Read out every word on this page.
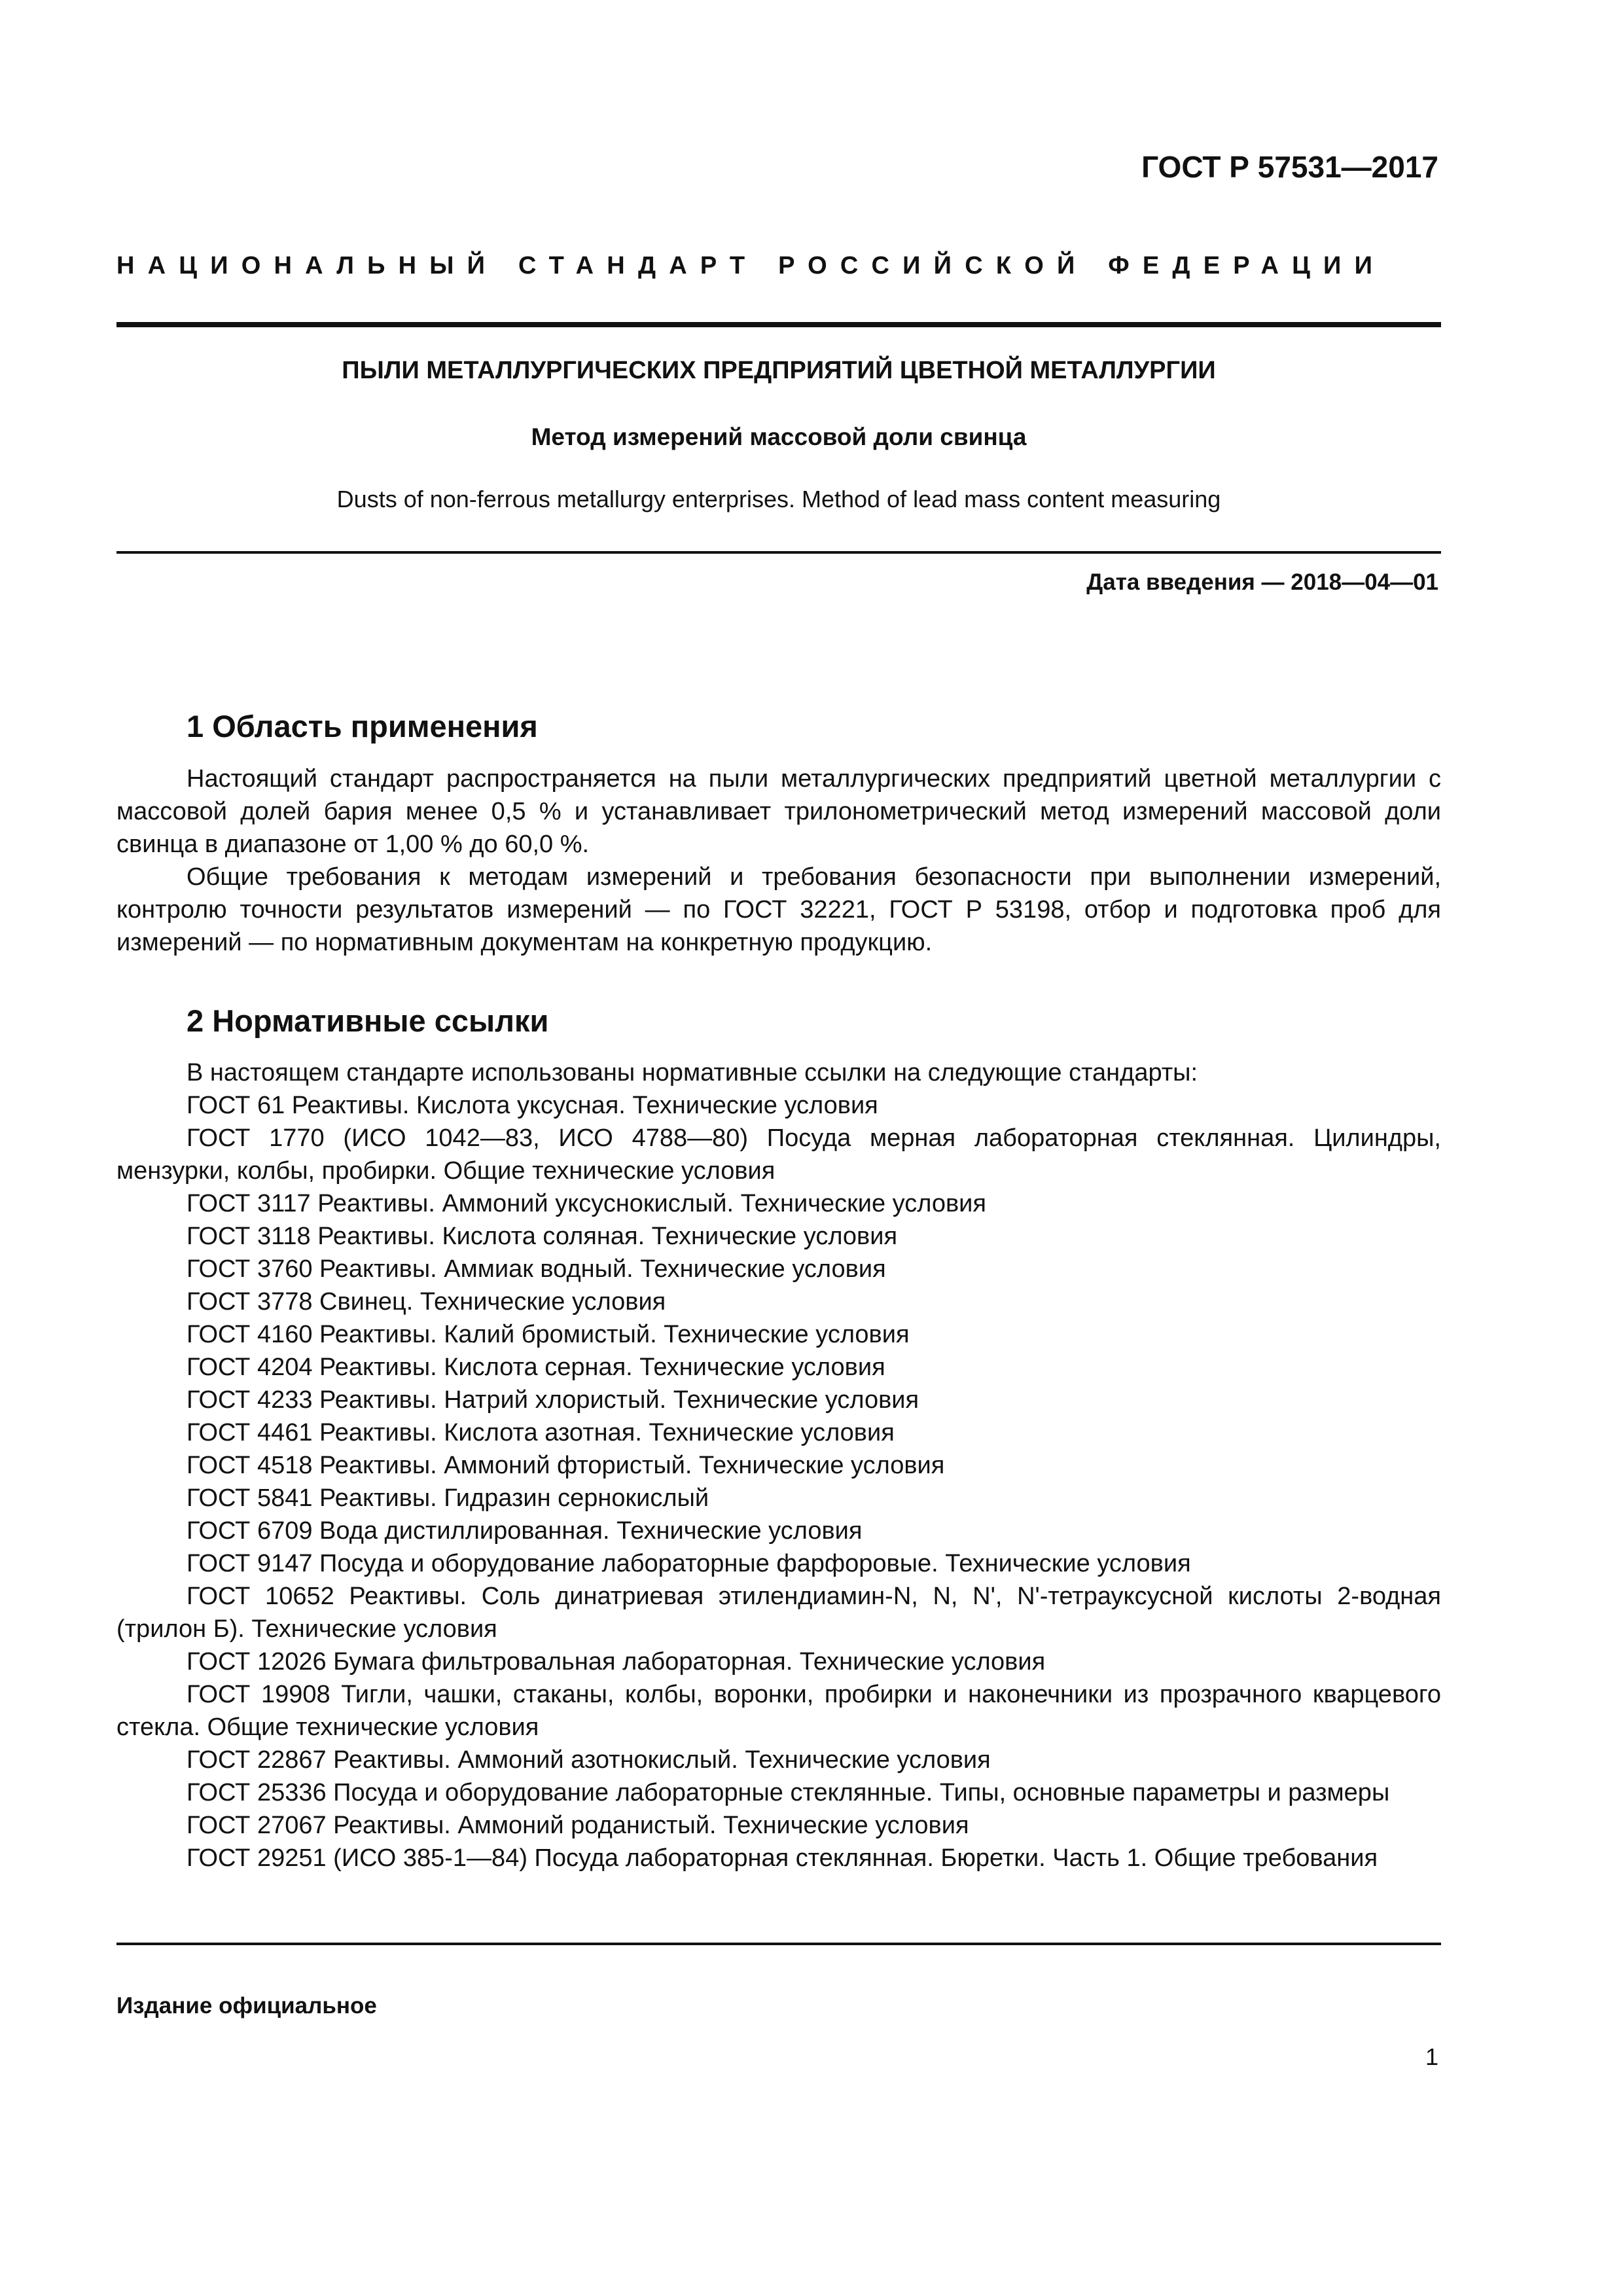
ГОСТ Р 57531—2017

НАЦИОНАЛЬНЫЙ СТАНДАРТ РОССИЙСКОЙ ФЕДЕРАЦИИ

ПЫЛИ МЕТАЛЛУРГИЧЕСКИХ ПРЕДПРИЯТИЙ ЦВЕТНОЙ МЕТАЛЛУРГИИ
Метод измерений массовой доли свинца

Dusts of non-ferrous metallurgy enterprises. Method of lead mass content measuring

Дата введения — 2018—04—01

1 Область применения

Настоящий стандарт распространяется на пыли металлургических предприятий цветной металлургии с массовой долей бария менее 0,5 % и устанавливает трилонометрический метод измерений массовой доли свинца в диапазоне от 1,00 % до 60,0 %.

Общие требования к методам измерений и требования безопасности при выполнении измерений, контролю точности результатов измерений — по ГОСТ 32221, ГОСТ Р 53198, отбор и подготовка проб для измерений — по нормативным документам на конкретную продукцию.

2 Нормативные ссылки

В настоящем стандарте использованы нормативные ссылки на следующие стандарты:

ГОСТ 61 Реактивы. Кислота уксусная. Технические условия
ГОСТ 1770 (ИСО 1042—83, ИСО 4788—80) Посуда мерная лабораторная стеклянная. Цилиндры, мензурки, колбы, пробирки. Общие технические условия
ГОСТ 3117 Реактивы. Аммоний уксуснокислый. Технические условия
ГОСТ 3118 Реактивы. Кислота соляная. Технические условия
ГОСТ 3760 Реактивы. Аммиак водный. Технические условия
ГОСТ 3778 Свинец. Технические условия
ГОСТ 4160 Реактивы. Калий бромистый. Технические условия
ГОСТ 4204 Реактивы. Кислота серная. Технические условия
ГОСТ 4233 Реактивы. Натрий хлористый. Технические условия
ГОСТ 4461 Реактивы. Кислота азотная. Технические условия
ГОСТ 4518 Реактивы. Аммоний фтористый. Технические условия
ГОСТ 5841 Реактивы. Гидразин сернокислый
ГОСТ 6709 Вода дистиллированная. Технические условия
ГОСТ 9147 Посуда и оборудование лабораторные фарфоровые. Технические условия
ГОСТ 10652 Реактивы. Соль динатриевая этилендиамин-N, N, N', N'-тетрауксусной кислоты 2-водная (трилон Б). Технические условия
ГОСТ 12026 Бумага фильтровальная лабораторная. Технические условия
ГОСТ 19908 Тигли, чашки, стаканы, колбы, воронки, пробирки и наконечники из прозрачного кварцевого стекла. Общие технические условия
ГОСТ 22867 Реактивы. Аммоний азотнокислый. Технические условия
ГОСТ 25336 Посуда и оборудование лабораторные стеклянные. Типы, основные параметры и размеры
ГОСТ 27067 Реактивы. Аммоний роданистый. Технические условия
ГОСТ 29251 (ИСО 385-1—84) Посуда лабораторная стеклянная. Бюретки. Часть 1. Общие требования

Издание официальное

1
